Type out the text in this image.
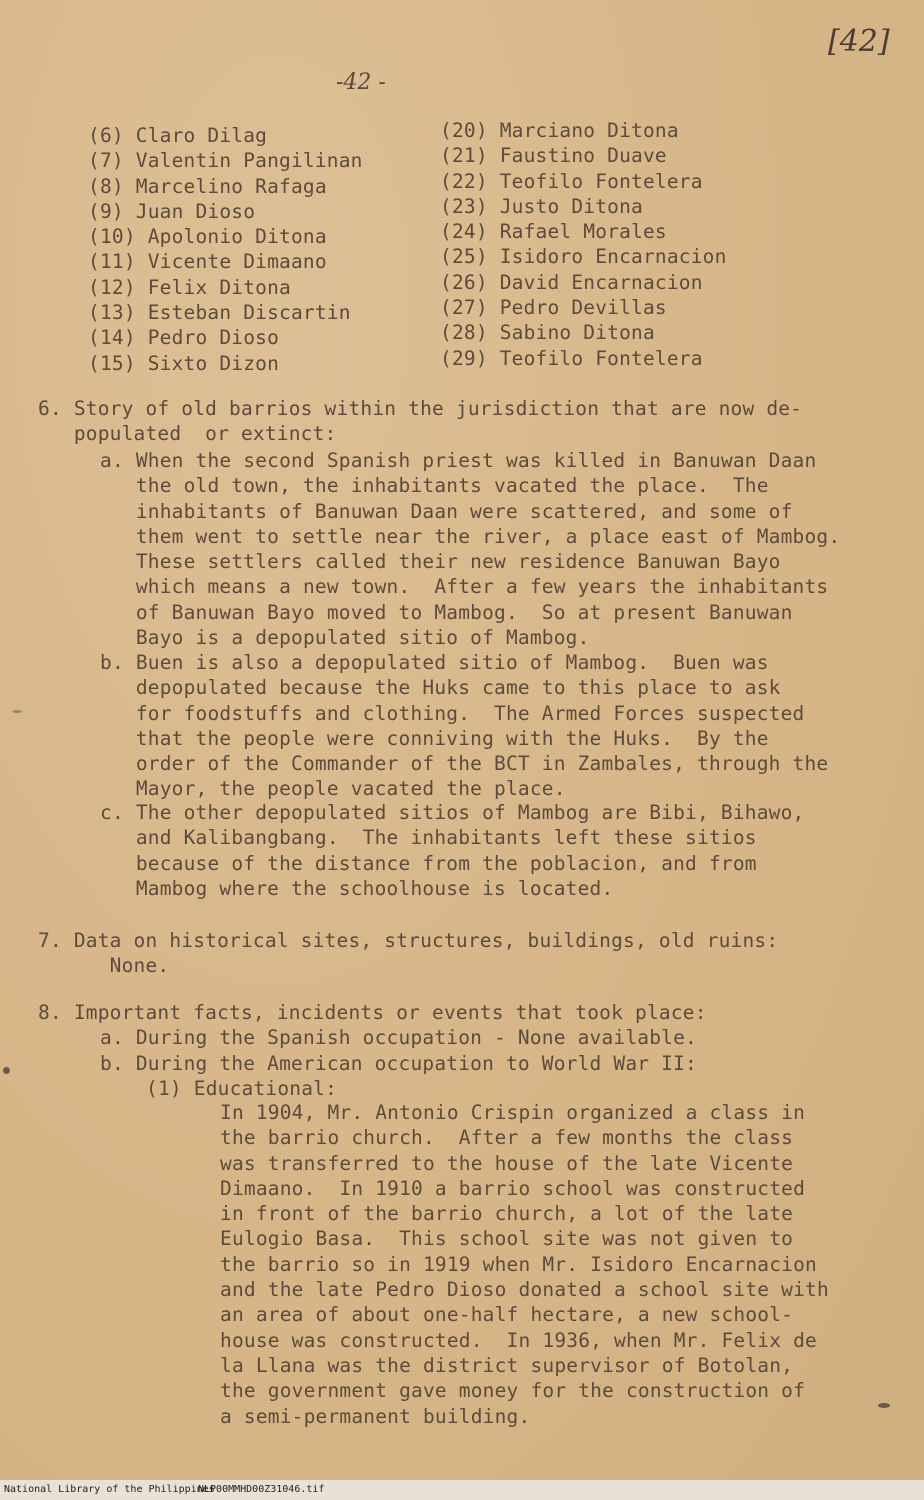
[42]
-42 -
(6) Claro Dilag
(7) Valentin Pangilinan
(8) Marcelino Rafaga
(9) Juan Dioso
(10) Apolonio Ditona
(11) Vicente Dimaano
(12) Felix Ditona
(13) Esteban Discartin
(14) Pedro Dioso
(15) Sixto Dizon
(20) Marciano Ditona
(21) Faustino Duave
(22) Teofilo Fontelera
(23) Justo Ditona
(24) Rafael Morales
(25) Isidoro Encarnacion
(26) David Encarnacion
(27) Pedro Devillas
(28) Sabino Ditona
(29) Teofilo Fontelera
6. Story of old barrios within the jurisdiction that are now de-
populated  or extinct:
a. When the second Spanish priest was killed in Banuwan Daan
the old town, the inhabitants vacated the place.  The
inhabitants of Banuwan Daan were scattered, and some of
them went to settle near the river, a place east of Mambog.
These settlers called their new residence Banuwan Bayo
which means a new town.  After a few years the inhabitants
of Banuwan Bayo moved to Mambog.  So at present Banuwan
Bayo is a depopulated sitio of Mambog.
b. Buen is also a depopulated sitio of Mambog.  Buen was
depopulated because the Huks came to this place to ask
for foodstuffs and clothing.  The Armed Forces suspected
that the people were conniving with the Huks.  By the
order of the Commander of the BCT in Zambales, through the
Mayor, the people vacated the place.
c. The other depopulated sitios of Mambog are Bibi, Bihawo,
and Kalibangbang.  The inhabitants left these sitios
because of the distance from the poblacion, and from
Mambog where the schoolhouse is located.
7. Data on historical sites, structures, buildings, old ruins:
None.
8. Important facts, incidents or events that took place:
a. During the Spanish occupation - None available.
b. During the American occupation to World War II:
(1) Educational:
In 1904, Mr. Antonio Crispin organized a class in
the barrio church.  After a few months the class
was transferred to the house of the late Vicente
Dimaano.  In 1910 a barrio school was constructed
in front of the barrio church, a lot of the late
Eulogio Basa.  This school site was not given to
the barrio so in 1919 when Mr. Isidoro Encarnacion
and the late Pedro Dioso donated a school site with
an area of about one-half hectare, a new school-
house was constructed.  In 1936, when Mr. Felix de
la Llana was the district supervisor of Botolan,
the government gave money for the construction of
a semi-permanent building.
National Library of the Philippines
NLP00MMHD00Z31046.tif
